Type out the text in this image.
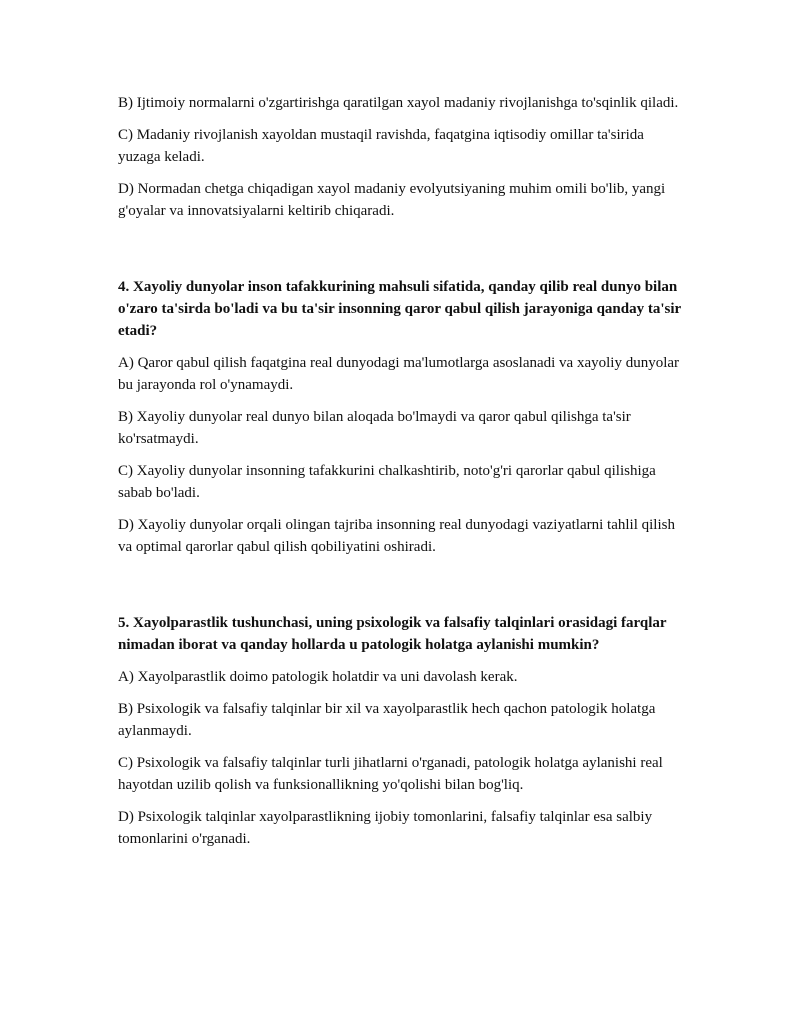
B) Ijtimoiy normalarni o'zgartirishga qaratilgan xayol madaniy rivojlanishga to'sqinlik qiladi.

C) Madaniy rivojlanish xayoldan mustaqil ravishda, faqatgina iqtisodiy omillar ta'sirida yuzaga keladi.

D) Normadan chetga chiqadigan xayol madaniy evolyutsiyaning muhim omili bo'lib, yangi g'oyalar va innovatsiyalarni keltirib chiqaradi.

4. Xayoliy dunyolar inson tafakkurining mahsuli sifatida, qanday qilib real dunyo bilan o'zaro ta'sirda bo'ladi va bu ta'sir insonning qaror qabul qilish jarayoniga qanday ta'sir etadi?

A) Qaror qabul qilish faqatgina real dunyodagi ma'lumotlarga asoslanadi va xayoliy dunyolar bu jarayonda rol o'ynamaydi.

B) Xayoliy dunyolar real dunyo bilan aloqada bo'lmaydi va qaror qabul qilishga ta'sir ko'rsatmaydi.

C) Xayoliy dunyolar insonning tafakkurini chalkashtirib, noto'g'ri qarorlar qabul qilishiga sabab bo'ladi.

D) Xayoliy dunyolar orqali olingan tajriba insonning real dunyodagi vaziyatlarni tahlil qilish va optimal qarorlar qabul qilish qobiliyatini oshiradi.

5. Xayolparastlik tushunchasi, uning psixologik va falsafiy talqinlari orasidagi farqlar nimadan iborat va qanday hollarda u patologik holatga aylanishi mumkin?

A) Xayolparastlik doimo patologik holatdir va uni davolash kerak.

B) Psixologik va falsafiy talqinlar bir xil va xayolparastlik hech qachon patologik holatga aylanmaydi.

C) Psixologik va falsafiy talqinlar turli jihatlarni o'rganadi, patologik holatga aylanishi real hayotdan uzilib qolish va funksionallikning yo'qolishi bilan bog'liq.

D) Psixologik talqinlar xayolparastlikning ijobiy tomonlarini, falsafiy talqinlar esa salbiy tomonlarini o'rganadi.
